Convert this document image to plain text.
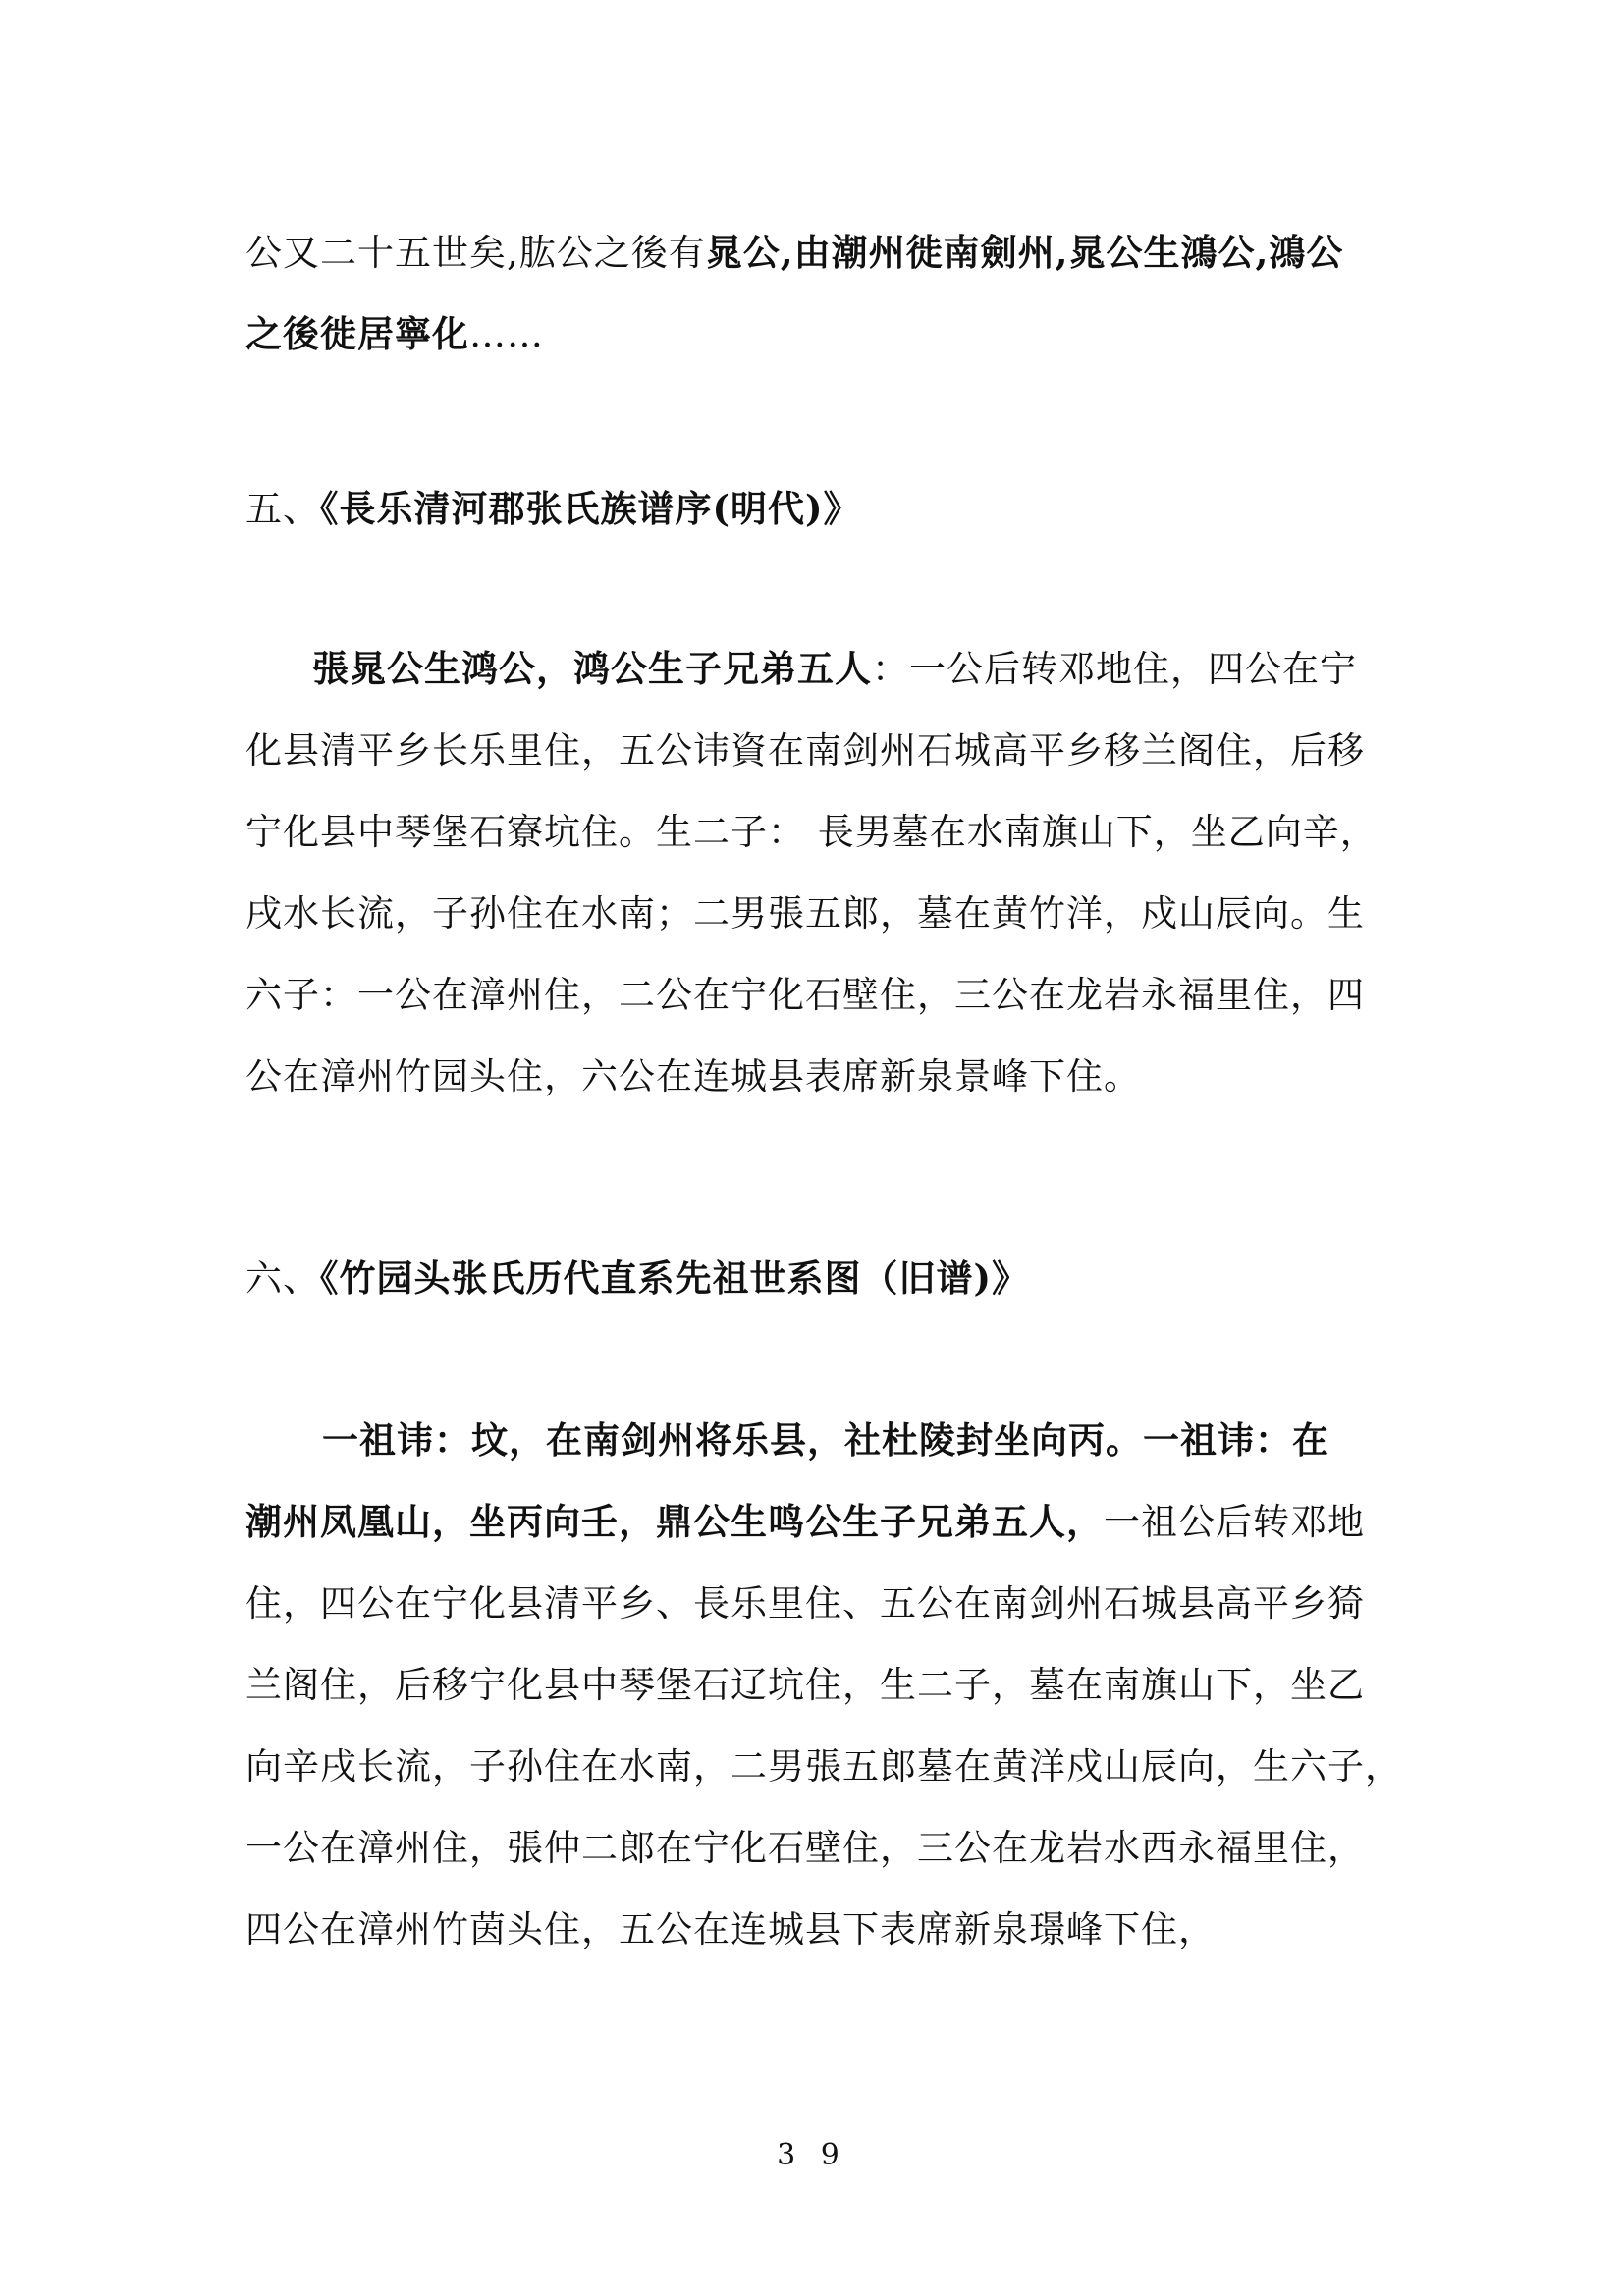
公又二十五世矣,肱公之後有晁公,由潮州徙南劍州,晁公生鴻公,鴻公
之後徙居寧化……

五、《長乐清河郡张氏族谱序(明代)》

張晁公生鸿公，鸿公生子兄弟五人：一公后转邓地住，四公在宁
化县清平乡长乐里住，五公讳資在南剑州石城高平乡移兰阁住，后移
宁化县中琴堡石寮坑住。生二子： 長男墓在水南旗山下，坐乙向辛，
戌水长流，子孙住在水南；二男張五郎，墓在黄竹洋，戍山辰向。生
六子：一公在漳州住，二公在宁化石壁住，三公在龙岩永福里住，四
公在漳州竹园头住，六公在连城县表席新泉景峰下住。

六、《竹园头张氏历代直系先祖世系图（旧谱)》

一祖讳：坟，在南剑州将乐县，社杜陵封坐向丙。一祖讳：在
潮州凤凰山，坐丙向壬，鼎公生鸣公生子兄弟五人，一祖公后转邓地
住，四公在宁化县清平乡、長乐里住、五公在南剑州石城县高平乡猗
兰阁住，后移宁化县中琴堡石辽坑住，生二子，墓在南旗山下，坐乙
向辛戌长流，子孙住在水南，二男張五郎墓在黄洋戍山辰向，生六子，
一公在漳州住，張仲二郎在宁化石壁住，三公在龙岩水西永福里住，
四公在漳州竹茵头住，五公在连城县下表席新泉璟峰下住，

3 9
